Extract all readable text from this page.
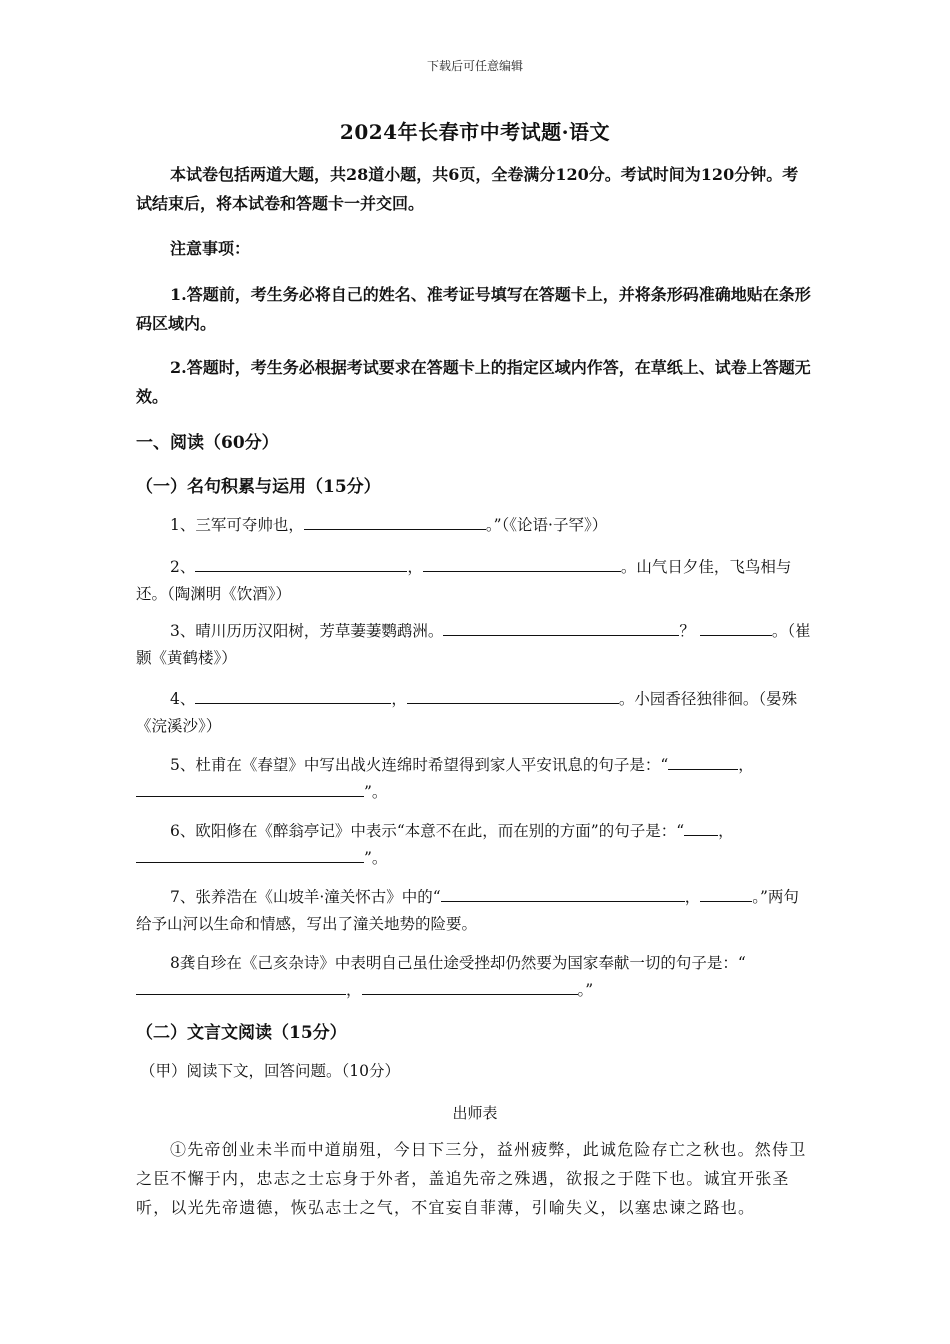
下载后可任意编辑
2024年长春市中考试题·语文
本试卷包括两道大题，共28道小题，共6页，全卷满分120分。考试时间为120分钟。考试结束后，将本试卷和答题卡一并交回。
注意事项：
1.答题前，考生务必将自己的姓名、准考证号填写在答题卡上，并将条形码准确地贴在条形码区域内。
2.答题时，考生务必根据考试要求在答题卡上的指定区域内作答，在草纸上、试卷上答题无效。
一、阅读（60分）
（一）名句积累与运用（15分）
1、三军可夺帅也，	。”（《论语·子罕》）
2、	，	。山气日夕佳，飞鸟相与还。（陶渊明《饮酒》）
3、晴川历历汉阳树，芳草萋萋鹦鹉洲。	？	。（崔颢《黄鹤楼》）
4、	，	。小园香径独徘徊。（晏殊《浣溪沙》）
5、杜甫在《春望》中写出战火连绵时希望得到家人平安讯息的句子是：“	，”。
6、欧阳修在《醉翁亭记》中表示“本意不在此，而在别的方面”的句子是：“ ，”。
7、张养浩在《山坡羊·潼关怀古》中的“	，	。”两句给予山河以生命和情感，写出了潼关地势的险要。
8龚自珍在《己亥杂诗》中表明自己虽仕途受挫却仍然要为国家奉献一切的句子是：“，	。”
（二）文言文阅读（15分）
（甲）阅读下文，回答问题。（10分）
出师表
①先帝创业未半而中道崩殂，今日下三分，益州疲弊，此诚危险存亡之秋也。然侍卫之臣不懈于内，忠志之士忘身于外者，盖追先帝之殊遇，欲报之于陛下也。诚宜开张圣听，以光先帝遗德，恢弘志士之气，不宜妄自菲薄，引喻失义，以塞忠谏之路也。
